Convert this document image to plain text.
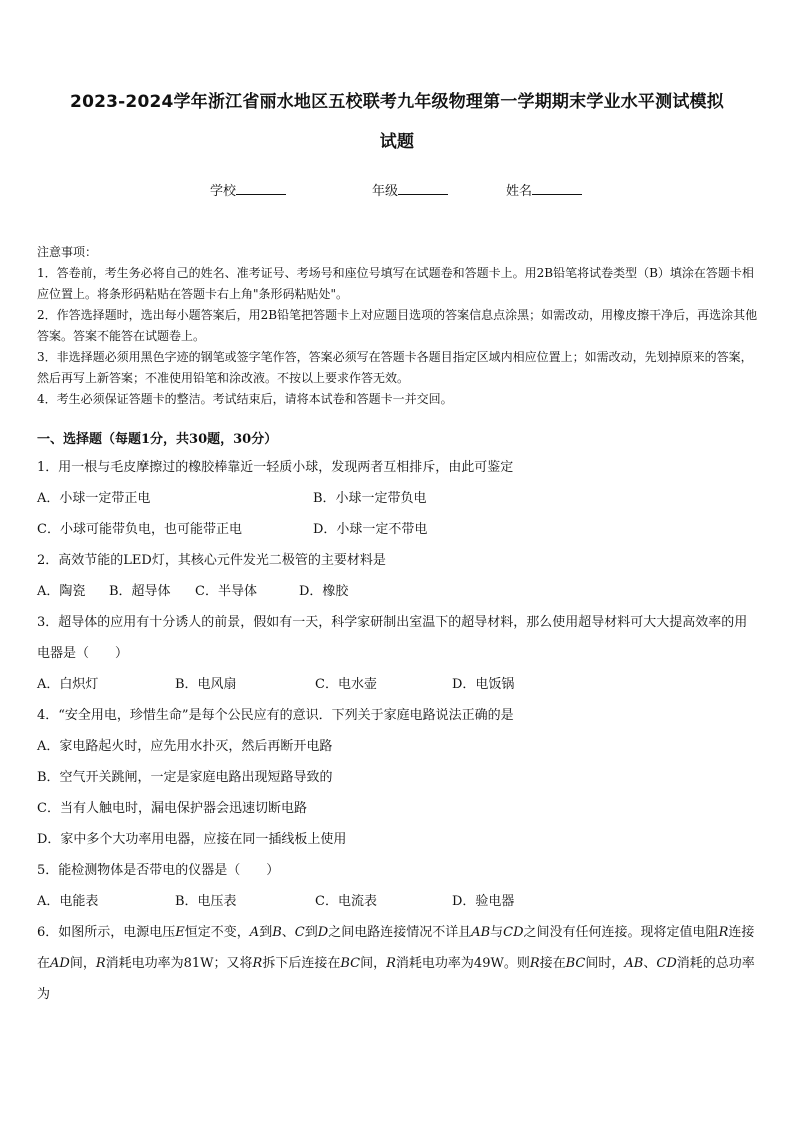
2023-2024学年浙江省丽水地区五校联考九年级物理第一学期期末学业水平测试模拟
试题
学校	年级	姓名

注意事项：

1．答卷前，考生务必将自己的姓名、准考证号、考场号和座位号填写在试题卷和答题卡上。用2B铅笔将试卷类型（B）填涂在答题卡相应位置上。将条形码粘贴在答题卡右上角"条形码粘贴处"。

2．作答选择题时，选出每小题答案后，用2B铅笔把答题卡上对应题目选项的答案信息点涂黑；如需改动，用橡皮擦干净后，再选涂其他答案。答案不能答在试题卷上。

3．非选择题必须用黑色字迹的钢笔或签字笔作答，答案必须写在答题卡各题目指定区域内相应位置上；如需改动，先划掉原来的答案，然后再写上新答案；不准使用铅笔和涂改液。不按以上要求作答无效。

4．考生必须保证答题卡的整洁。考试结束后，请将本试卷和答题卡一并交回。

一、选择题（每题1分，共30题，30分）

1．用一根与毛皮摩擦过的橡胶棒靠近一轻质小球，发现两者互相排斥，由此可鉴定

A．小球一定带正电	B．小球一定带负电
C．小球可能带负电，也可能带正电	D．小球一定不带电

2．高效节能的LED灯，其核心元件发光二极管的主要材料是

A．陶瓷 B．超导体 C．半导体	D．橡胶

3．超导体的应用有十分诱人的前景，假如有一天，科学家研制出室温下的超导材料，那么使用超导材料可大大提高效率的用电器是（　　）

A．白炽灯	B．电风扇	C．电水壶	D．电饭锅

4．“安全用电，珍惜生命”是每个公民应有的意识．下列关于家庭电路说法正确的是

A．家电路起火时，应先用水扑灭，然后再断开电路
B．空气开关跳闸，一定是家庭电路出现短路导致的
C．当有人触电时，漏电保护器会迅速切断电路
D．家中多个大功率用电器，应接在同一插线板上使用

5．能检测物体是否带电的仪器是（　　）

A．电能表	B．电压表	C．电流表	D．验电器

6．如图所示，电源电压E恒定不变，A到B、C到D之间电路连接情况不详且AB与CD之间没有任何连接。现将定值电阻R连接在AD间，R消耗电功率为81W；又将R拆下后连接在BC间，R消耗电功率为49W。则R接在BC间时，AB、CD消耗的总功率为
